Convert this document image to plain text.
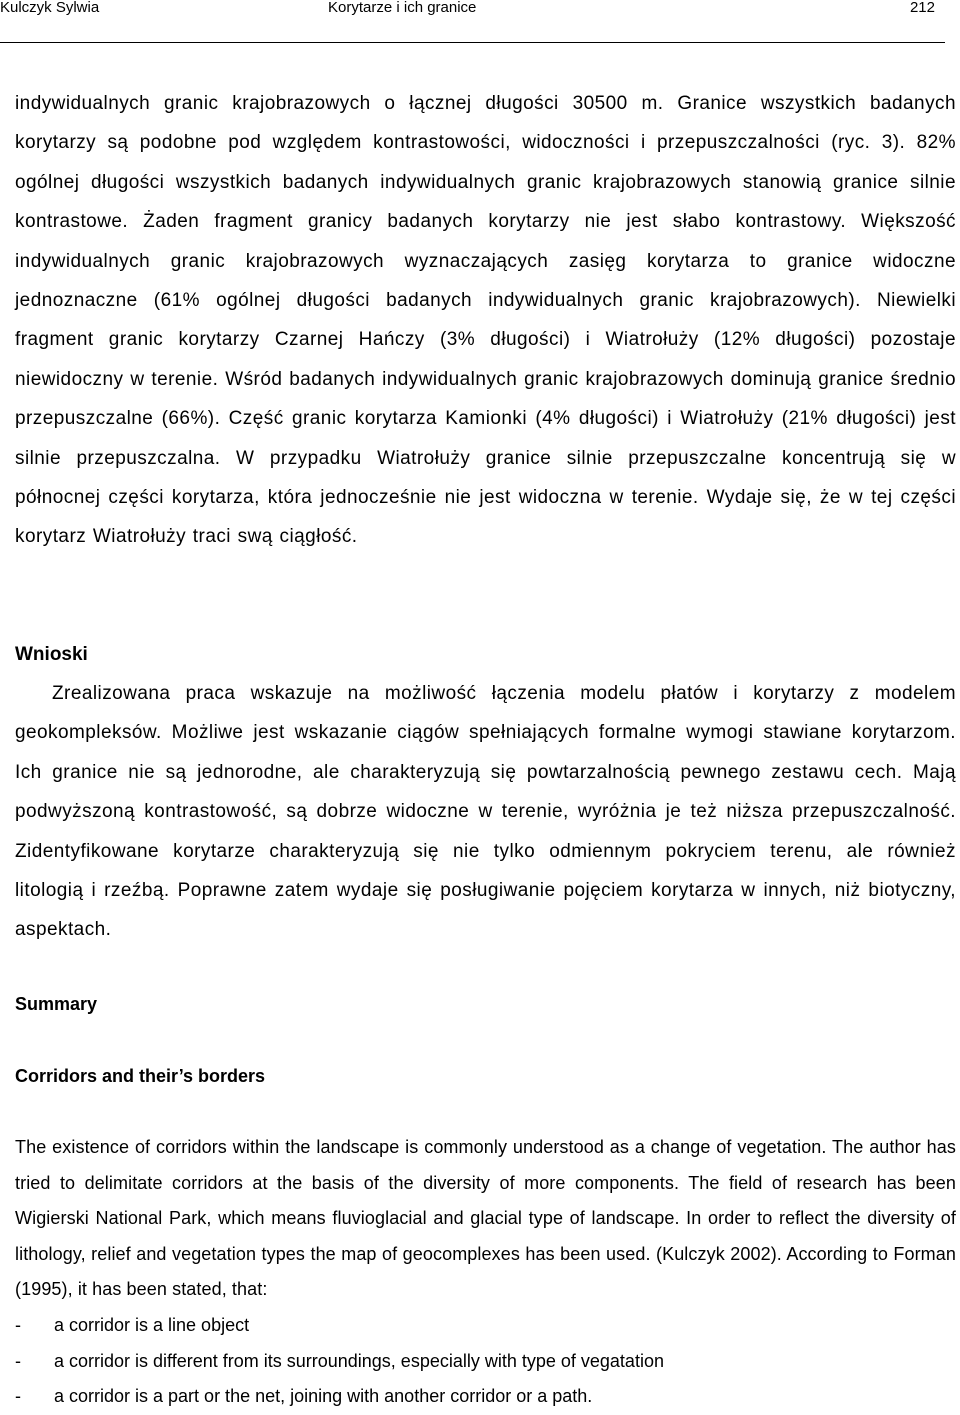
Kulczyk Sylwia	Korytarze i ich granice	212

indywidualnych granic krajobrazowych o łącznej długości 30500 m. Granice wszystkich badanych korytarzy są podobne pod względem kontrastowości, widoczności i przepuszczalności (ryc. 3). 82% ogólnej długości wszystkich badanych indywidualnych granic krajobrazowych stanowią granice silnie kontrastowe. Żaden fragment granicy badanych korytarzy nie jest słabo kontrastowy. Większość indywidualnych granic krajobrazowych wyznaczających zasięg korytarza to granice widoczne jednoznaczne (61% ogólnej długości badanych indywidualnych granic krajobrazowych). Niewielki fragment granic korytarzy Czarnej Hańczy (3% długości) i Wiatrołuży (12% długości) pozostaje niewidoczny w terenie. Wśród badanych indywidualnych granic krajobrazowych dominują granice średnio przepuszczalne (66%). Część granic korytarza Kamionki (4% długości) i Wiatrołuży (21% długości) jest silnie przepuszczalna. W przypadku Wiatrołuży granice silnie przepuszczalne koncentrują się w północnej części korytarza, która jednocześnie nie jest widoczna w terenie. Wydaje się, że w tej części korytarz Wiatrołuży traci swą ciągłość.

Wnioski

Zrealizowana praca wskazuje na możliwość łączenia modelu płatów i korytarzy z modelem geokompleksów. Możliwe jest wskazanie ciągów spełniających formalne wymogi stawiane korytarzom. Ich granice nie są jednorodne, ale charakteryzują się powtarzalnością pewnego zestawu cech. Mają podwyższoną kontrastowość, są dobrze widoczne w terenie, wyróżnia je też niższa przepuszczalność. Zidentyfikowane korytarze charakteryzują się nie tylko odmiennym pokryciem terenu, ale również litologią i rzeźbą. Poprawne zatem wydaje się posługiwanie pojęciem korytarza w innych, niż biotyczny, aspektach.

Summary
Corridors and their’s borders

The existence of corridors within the landscape is commonly understood as a change of vegetation. The author has tried to delimitate corridors at the basis of the diversity of more components. The field of research has been Wigierski National Park, which means fluvioglacial and glacial type of landscape. In order to reflect the diversity of lithology, relief and vegetation types the map of geocomplexes has been used. (Kulczyk 2002). According to Forman (1995), it has been stated, that:

- a corridor is a line object
- a corridor is different from its surroundings, especially with type of vegatation
- a corridor is a part or the net, joining with another corridor or a path.
